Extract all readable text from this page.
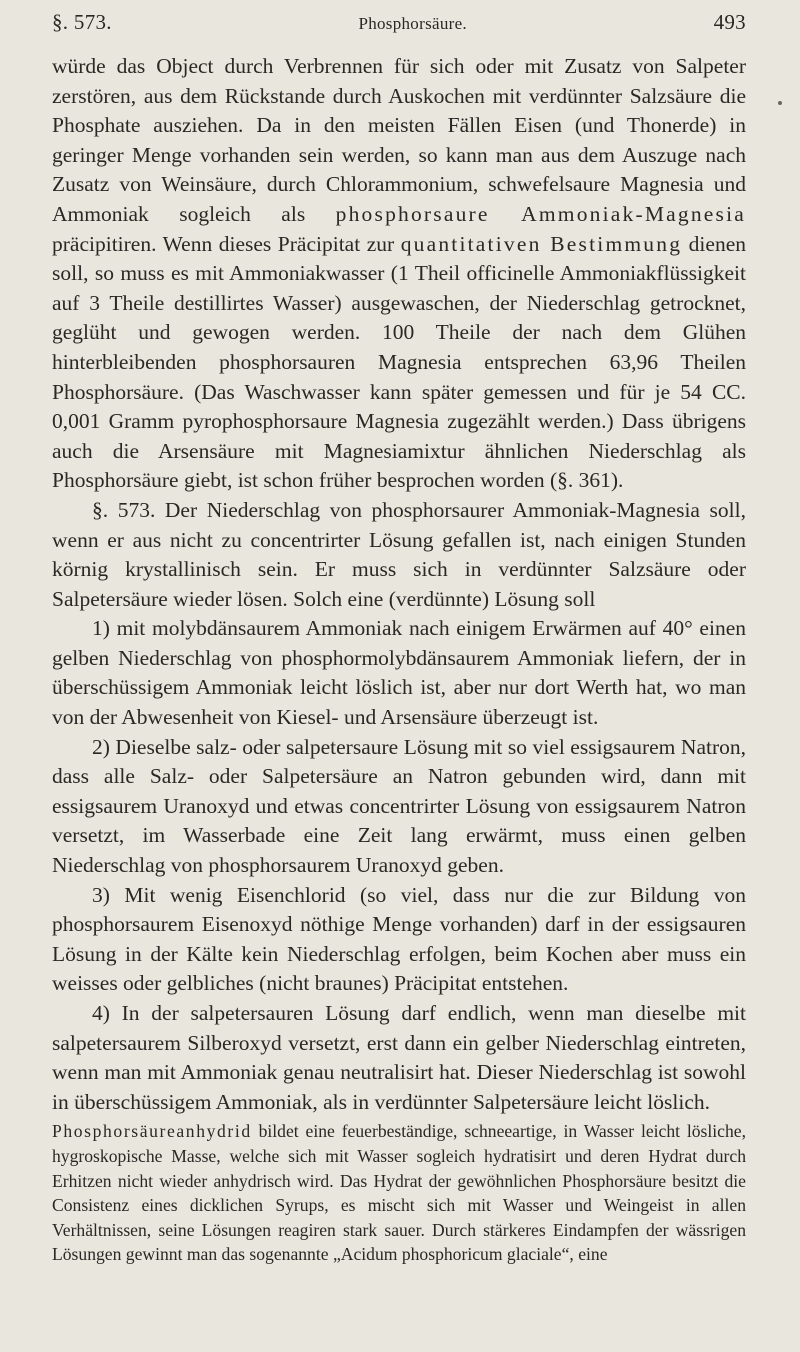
§. 573.	Phosphorsäure.	493

würde das Object durch Verbrennen für sich oder mit Zusatz von Salpeter zerstören, aus dem Rückstande durch Auskochen mit verdünnter Salzsäure die Phosphate ausziehen. Da in den meisten Fällen Eisen (und Thonerde) in geringer Menge vorhanden sein werden, so kann man aus dem Auszuge nach Zusatz von Weinsäure, durch Chlorammonium, schwefelsaure Magnesia und Ammoniak sogleich als phosphorsaure Ammoniak-Magnesia präcipitiren. Wenn dieses Präcipitat zur quantitativen Bestimmung dienen soll, so muss es mit Ammoniakwasser (1 Theil officinelle Ammoniakflüssigkeit auf 3 Theile destillirtes Wasser) ausgewaschen, der Niederschlag getrocknet, geglüht und gewogen werden. 100 Theile der nach dem Glühen hinterbleibenden phosphorsauren Magnesia entsprechen 63,96 Theilen Phosphorsäure. (Das Waschwasser kann später gemessen und für je 54 CC. 0,001 Gramm pyrophosphorsaure Magnesia zugezählt werden.) Dass übrigens auch die Arsensäure mit Magnesiamixtur ähnlichen Niederschlag als Phosphorsäure giebt, ist schon früher besprochen worden (§. 361).

§. 573. Der Niederschlag von phosphorsaurer Ammoniak-Magnesia soll, wenn er aus nicht zu concentrirter Lösung gefallen ist, nach einigen Stunden körnig krystallinisch sein. Er muss sich in verdünnter Salzsäure oder Salpetersäure wieder lösen. Solch eine (verdünnte) Lösung soll

1) mit molybdänsaurem Ammoniak nach einigem Erwärmen auf 40° einen gelben Niederschlag von phosphormolybdänsaurem Ammoniak liefern, der in überschüssigem Ammoniak leicht löslich ist, aber nur dort Werth hat, wo man von der Abwesenheit von Kiesel- und Arsensäure überzeugt ist.

2) Dieselbe salz- oder salpetersaure Lösung mit so viel essigsaurem Natron, dass alle Salz- oder Salpetersäure an Natron gebunden wird, dann mit essigsaurem Uranoxyd und etwas concentrirter Lösung von essigsaurem Natron versetzt, im Wasserbade eine Zeit lang erwärmt, muss einen gelben Niederschlag von phosphorsaurem Uranoxyd geben.

3) Mit wenig Eisenchlorid (so viel, dass nur die zur Bildung von phosphorsaurem Eisenoxyd nöthige Menge vorhanden) darf in der essigsauren Lösung in der Kälte kein Niederschlag erfolgen, beim Kochen aber muss ein weisses oder gelbliches (nicht braunes) Präcipitat entstehen.

4) In der salpetersauren Lösung darf endlich, wenn man dieselbe mit salpetersaurem Silberoxyd versetzt, erst dann ein gelber Niederschlag eintreten, wenn man mit Ammoniak genau neutralisirt hat. Dieser Niederschlag ist sowohl in überschüssigem Ammoniak, als in verdünnter Salpetersäure leicht löslich.

Phosphorsäureanhydrid bildet eine feuerbeständige, schneeartige, in Wasser leicht lösliche, hygroskopische Masse, welche sich mit Wasser sogleich hydratisirt und deren Hydrat durch Erhitzen nicht wieder anhydrisch wird. Das Hydrat der gewöhnlichen Phosphorsäure besitzt die Consistenz eines dicklichen Syrups, es mischt sich mit Wasser und Weingeist in allen Verhältnissen, seine Lösungen reagiren stark sauer. Durch stärkeres Eindampfen der wässrigen Lösungen gewinnt man das sogenannte „Acidum phosphoricum glaciale“, eine
